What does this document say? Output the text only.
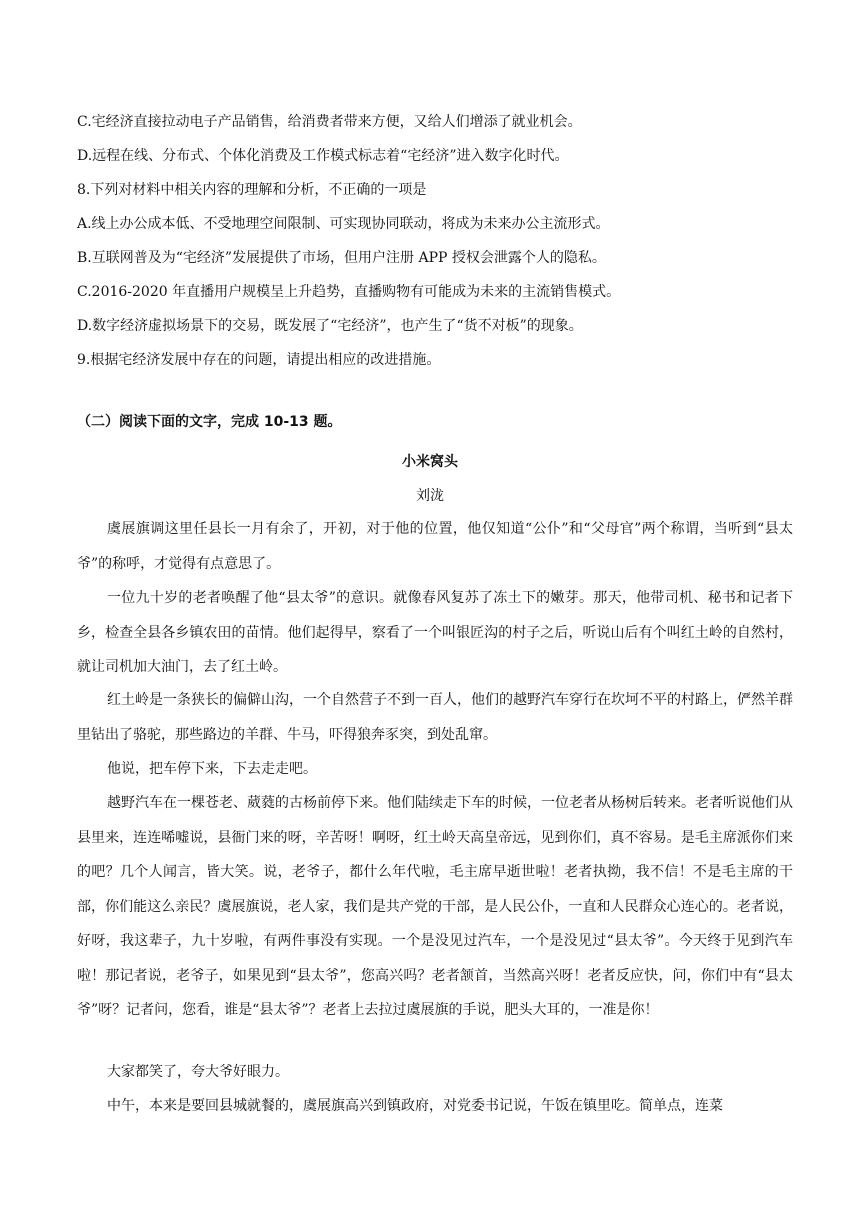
C.宅经济直接拉动电子产品销售，给消费者带来方便，又给人们增添了就业机会。

D.远程在线、分布式、个体化消费及工作模式标志着“宅经济”进入数字化时代。

8.下列对材料中相关内容的理解和分析，不正确的一项是

A.线上办公成本低、不受地理空间限制、可实现协同联动，将成为未来办公主流形式。

B.互联网普及为“宅经济”发展提供了市场，但用户注册 APP 授权会泄露个人的隐私。

C.2016-2020 年直播用户规模呈上升趋势，直播购物有可能成为未来的主流销售模式。

D.数字经济虚拟场景下的交易，既发展了“宅经济”，也产生了“货不对板”的现象。

9.根据宅经济发展中存在的问题，请提出相应的改进措施。

（二）阅读下面的文字，完成 10-13 题。

小米窝头

刘泷

虞展旗调这里任县长一月有余了，开初，对于他的位置，他仅知道“公仆”和“父母官”两个称谓，当听到“县太爷”的称呼，才觉得有点意思了。

一位九十岁的老者唤醒了他“县太爷”的意识。就像春风复苏了冻土下的嫩芽。那天，他带司机、秘书和记者下乡，检查全县各乡镇农田的苗情。他们起得早，察看了一个叫银匠沟的村子之后，听说山后有个叫红土岭的自然村，就让司机加大油门，去了红土岭。

红土岭是一条狭长的偏僻山沟，一个自然营子不到一百人，他们的越野汽车穿行在坎坷不平的村路上，俨然羊群里钻出了骆驼，那些路边的羊群、牛马，吓得狼奔豕突，到处乱窜。

他说，把车停下来，下去走走吧。

越野汽车在一棵苍老、葳蕤的古杨前停下来。他们陆续走下车的时候，一位老者从杨树后转来。老者听说他们从县里来，连连唏嘘说，县衙门来的呀，辛苦呀！啊呀，红土岭天高皇帝远，见到你们，真不容易。是毛主席派你们来的吧？几个人闻言，皆大笑。说，老爷子，都什么年代啦，毛主席早逝世啦！老者执拗，我不信！不是毛主席的干部，你们能这么亲民？虞展旗说，老人家，我们是共产党的干部，是人民公仆，一直和人民群众心连心的。老者说，好呀，我这辈子，九十岁啦，有两件事没有实现。一个是没见过汽车，一个是没见过“县太爷”。今天终于见到汽车啦！那记者说，老爷子，如果见到“县太爷”，您高兴吗？老者颔首，当然高兴呀！老者反应快，问，你们中有“县太爷”呀？记者问，您看，谁是“县太爷”？老者上去拉过虞展旗的手说，肥头大耳的，一准是你！

大家都笑了，夸大爷好眼力。

中午，本来是要回县城就餐的，虞展旗高兴到镇政府，对党委书记说，午饭在镇里吃。简单点，连菜
